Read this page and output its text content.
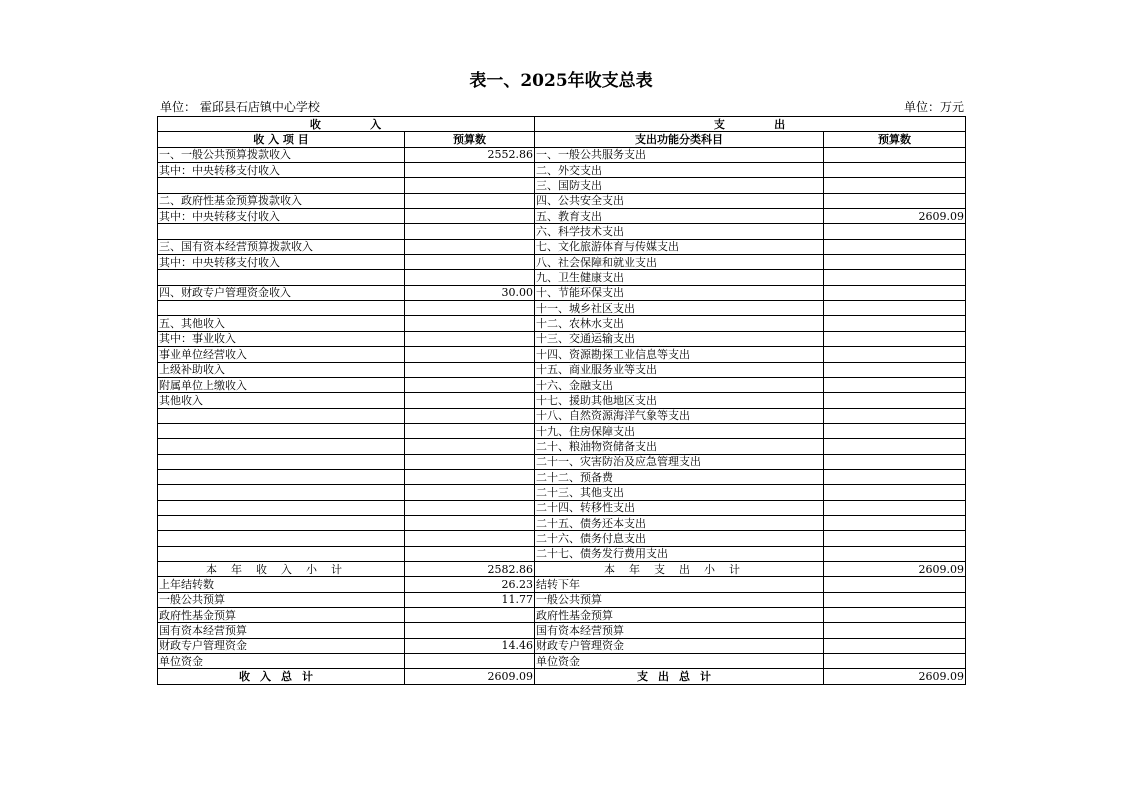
表一、2025年收支总表
单位： 霍邱县石店镇中心学校	单位：万元
收          入		支          出	
收 入 项 目	预算数	支出功能分类科目	预算数
一、一般公共预算拨款收入	2552.86	一、一般公共服务支出	
其中：中央转移支付收入		二、外交支出	
		三、国防支出	
二、政府性基金预算拨款收入		四、公共安全支出	
其中：中央转移支付收入		五、教育支出	2609.09
		六、科学技术支出	
三、国有资本经营预算拨款收入		七、文化旅游体育与传媒支出	
其中：中央转移支付收入		八、社会保障和就业支出	
		九、卫生健康支出	
四、财政专户管理资金收入	30.00	十、节能环保支出	
		十一、城乡社区支出	
五、其他收入		十二、农林水支出	
其中：事业收入		十三、交通运输支出	
事业单位经营收入		十四、资源勘探工业信息等支出	
上级补助收入		十五、商业服务业等支出	
附属单位上缴收入		十六、金融支出	
其他收入		十七、援助其他地区支出	
		十八、自然资源海洋气象等支出	
		十九、住房保障支出	
		二十、粮油物资储备支出	
		二十一、灾害防治及应急管理支出	
		二十二、预备费	
		二十三、其他支出	
		二十四、转移性支出	
		二十五、债务还本支出	
		二十六、债务付息支出	
		二十七、债务发行费用支出	
本年收入小计	2582.86	本年支出小计	2609.09
上年结转数	26.23	结转下年	
一般公共预算	11.77	一般公共预算	
政府性基金预算		政府性基金预算	
国有资本经营预算		国有资本经营预算	
财政专户管理资金	14.46	财政专户管理资金	
单位资金		单位资金	
收入总计	2609.09	支出总计	2609.09
